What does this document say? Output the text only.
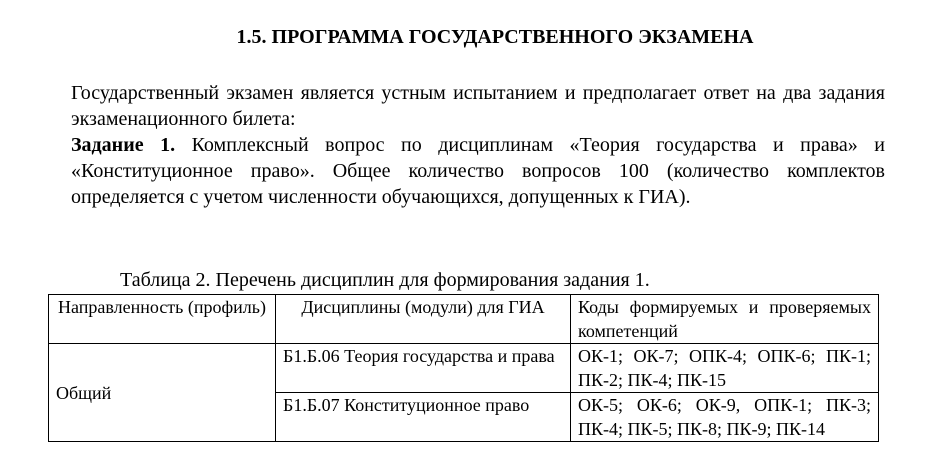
1.5. ПРОГРАММА ГОСУДАРСТВЕННОГО ЭКЗАМЕНА
Государственный экзамен является устным испытанием и предполагает ответ на два задания экзаменационного билета:
Задание 1. Комплексный вопрос по дисциплинам «Теория государства и права» и «Конституционное право». Общее количество вопросов 100 (количество комплектов определяется с учетом численности обучающихся, допущенных к ГИА).
Таблица 2. Перечень дисциплин для формирования задания 1.
Направленность (профиль)	Дисциплины (модули) для ГИА	Коды формируемых и проверяемых компетенций
Общий	Б1.Б.06 Теория государства и права	ОК-1; ОК-7; ОПК-4; ОПК-6; ПК-1; ПК-2; ПК-4; ПК-15
	Б1.Б.07 Конституционное право	ОК-5; ОК-6; ОК-9, ОПК-1; ПК-3; ПК-4; ПК-5; ПК-8; ПК-9; ПК-14
